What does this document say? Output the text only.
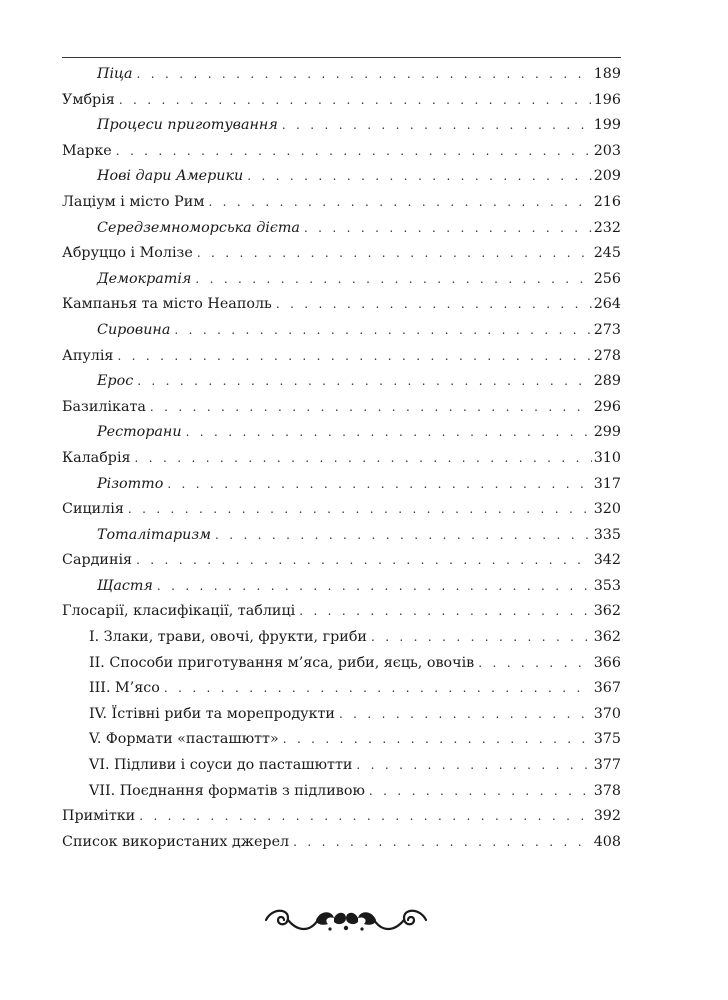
Піца . . .	189
Умбрія . . .	196
Процеси приготування . . .	199
Марке . . .	203
Нові дари Америки . . .	209
Лаціум і місто Рим . . .	216
Середземноморська дієта . . .	232
Абруццо і Молізе . . .	245
Демократія . . .	256
Кампанья та місто Неаполь . . .	264
Сировина . . .	273
Апулія . . .	278
Ерос . . .	289
Базиліката . . .	296
Ресторани . . .	299
Калабрія . . .	310
Різотто . . .	317
Сицилія . . .	320
Тоталітаризм . . .	335
Сардинія . . .	342
Щастя . . .	353
Глосарії, класифікації, таблиці . . .	362
I. Злаки, трави, овочі, фрукти, гриби . . .	362
II. Способи приготування м’яса, риби, яєць, овочів . . .	366
III. М’ясо . . .	367
IV. Їстівні риби та морепродукти . . .	370
V. Формати «пасташютт» . . .	375
VI. Підливи і соуси до пасташютти . . .	377
VII. Поєднання форматів з підливою . . .	378
Примітки . . .	392
Список використаних джерел . . .	408
